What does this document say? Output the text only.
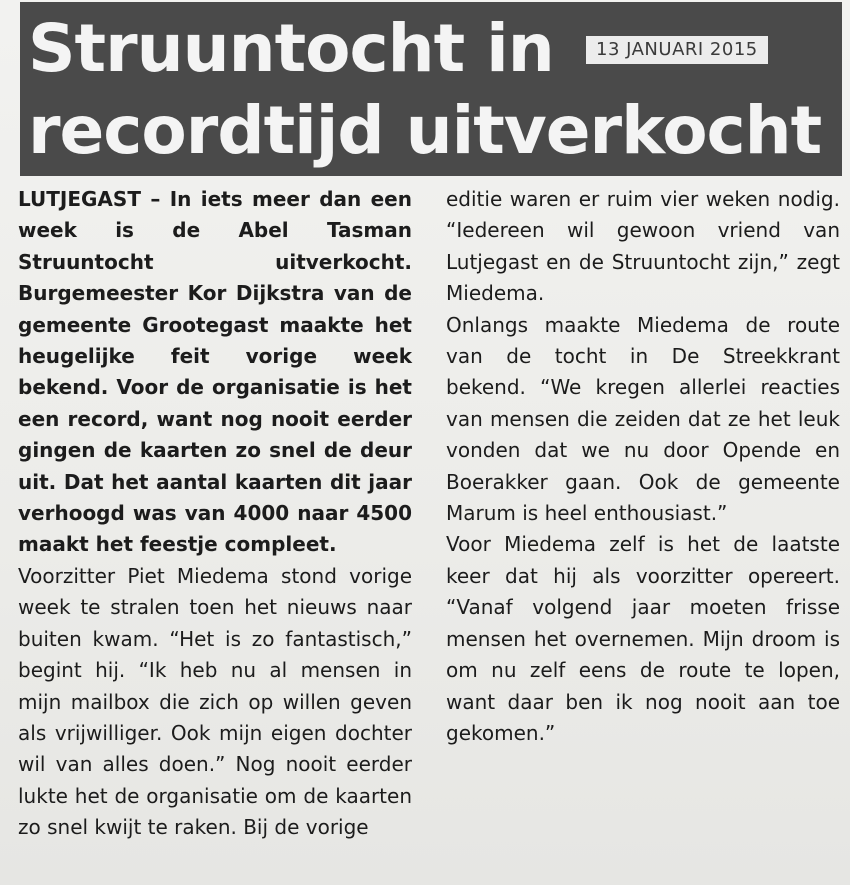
Struuntocht in
recordtijd uitverkocht
13 JANUARI 2015

LUTJEGAST – In iets meer dan een week is de Abel Tasman Struuntocht uitverkocht. Burgemeester Kor Dijkstra van de gemeente Grootegast maakte het heugelijke feit vorige week bekend. Voor de organisatie is het een record, want nog nooit eerder gingen de kaarten zo snel de deur uit. Dat het aantal kaarten dit jaar verhoogd was van 4000 naar 4500 maakt het feestje compleet.

Voorzitter Piet Miedema stond vorige week te stralen toen het nieuws naar buiten kwam. “Het is zo fantastisch,” begint hij. “Ik heb nu al mensen in mijn mailbox die zich op willen geven als vrijwilliger. Ook mijn eigen dochter wil van alles doen.” Nog nooit eerder lukte het de organisatie om de kaarten zo snel kwijt te raken. Bij de vorige

editie waren er ruim vier weken nodig. “Iedereen wil gewoon vriend van Lutjegast en de Struuntocht zijn,” zegt Miedema.

Onlangs maakte Miedema de route van de tocht in De Streekkrant bekend. “We kregen allerlei reacties van mensen die zeiden dat ze het leuk vonden dat we nu door Opende en Boerakker gaan. Ook de gemeente Marum is heel enthousiast.”

Voor Miedema zelf is het de laatste keer dat hij als voorzitter opereert. “Vanaf volgend jaar moeten frisse mensen het overnemen. Mijn droom is om nu zelf eens de route te lopen, want daar ben ik nog nooit aan toe gekomen.”
